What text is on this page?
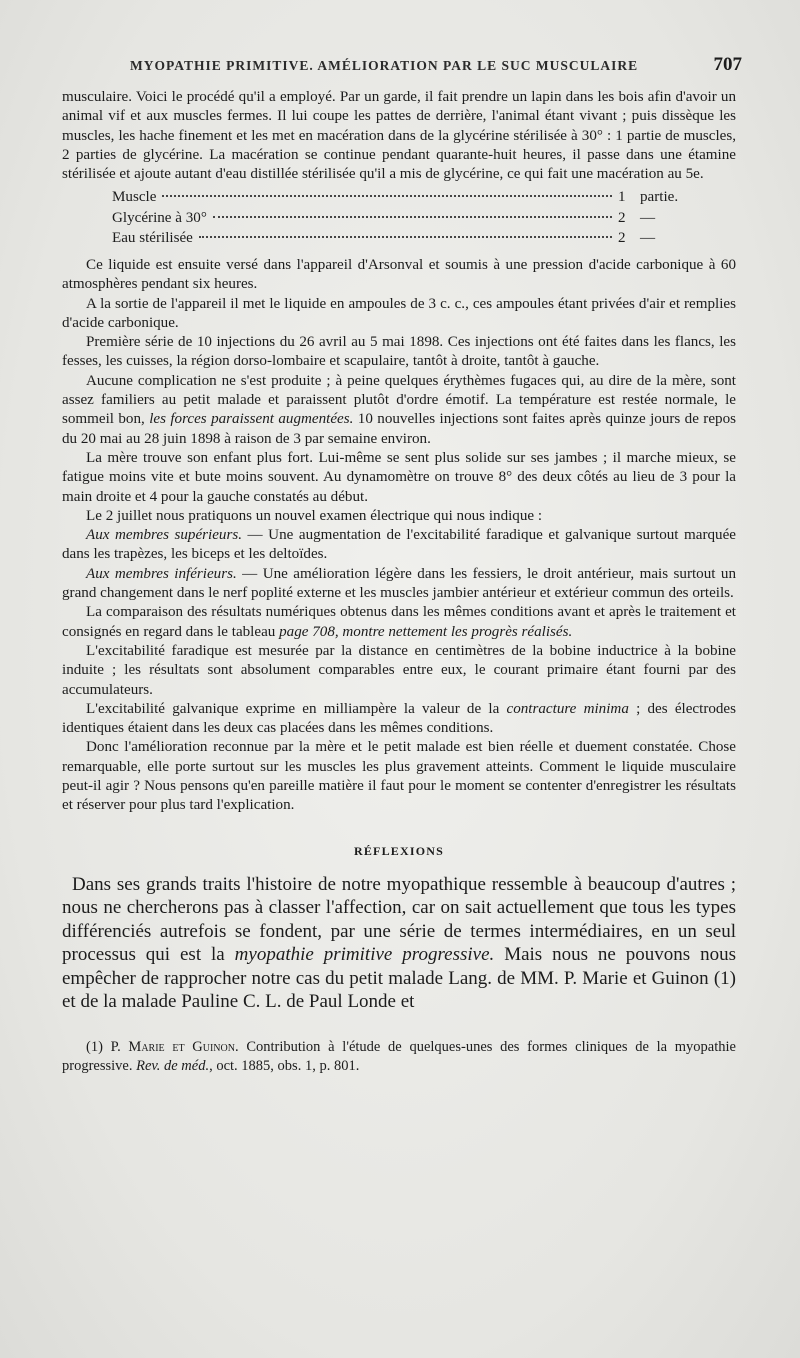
MYOPATHIE PRIMITIVE. AMÉLIORATION PAR LE SUC MUSCULAIRE	707

musculaire. Voici le procédé qu'il a employé. Par un garde, il fait prendre un lapin dans les bois afin d'avoir un animal vif et aux muscles fermes. Il lui coupe les pattes de derrière, l'animal étant vivant ; puis dissèque les muscles, les hache finement et les met en macération dans de la glycérine stérilisée à 30° : 1 partie de muscles, 2 parties de glycérine. La macération se continue pendant quarante-huit heures, il passe dans une étamine stérilisée et ajoute autant d'eau distillée stérilisée qu'il a mis de glycérine, ce qui fait une macération au 5e.

Muscle	1 partie.
Glycérine à 30°	2 —
Eau stérilisée	2 —

Ce liquide est ensuite versé dans l'appareil d'Arsonval et soumis à une pression d'acide carbonique à 60 atmosphères pendant six heures.

A la sortie de l'appareil il met le liquide en ampoules de 3 c. c., ces ampoules étant privées d'air et remplies d'acide carbonique.

Première série de 10 injections du 26 avril au 5 mai 1898. Ces injections ont été faites dans les flancs, les fesses, les cuisses, la région dorso-lombaire et scapulaire, tantôt à droite, tantôt à gauche.

Aucune complication ne s'est produite ; à peine quelques érythèmes fugaces qui, au dire de la mère, sont assez familiers au petit malade et paraissent plutôt d'ordre émotif. La température est restée normale, le sommeil bon, les forces paraissent augmentées. 10 nouvelles injections sont faites après quinze jours de repos du 20 mai au 28 juin 1898 à raison de 3 par semaine environ.

La mère trouve son enfant plus fort. Lui-même se sent plus solide sur ses jambes ; il marche mieux, se fatigue moins vite et bute moins souvent. Au dynamomètre on trouve 8° des deux côtés au lieu de 3 pour la main droite et 4 pour la gauche constatés au début.

Le 2 juillet nous pratiquons un nouvel examen électrique qui nous indique :

Aux membres supérieurs. — Une augmentation de l'excitabilité faradique et galvanique surtout marquée dans les trapèzes, les biceps et les deltoïdes.

Aux membres inférieurs. — Une amélioration légère dans les fessiers, le droit antérieur, mais surtout un grand changement dans le nerf poplité externe et les muscles jambier antérieur et extérieur commun des orteils.

La comparaison des résultats numériques obtenus dans les mêmes conditions avant et après le traitement et consignés en regard dans le tableau page 708, montre nettement les progrès réalisés.

L'excitabilité faradique est mesurée par la distance en centimètres de la bobine inductrice à la bobine induite ; les résultats sont absolument comparables entre eux, le courant primaire étant fourni par des accumulateurs.

L'excitabilité galvanique exprime en milliampère la valeur de la contracture minima ; des électrodes identiques étaient dans les deux cas placées dans les mêmes conditions.

Donc l'amélioration reconnue par la mère et le petit malade est bien réelle et duement constatée. Chose remarquable, elle porte surtout sur les muscles les plus gravement atteints. Comment le liquide musculaire peut-il agir ? Nous pensons qu'en pareille matière il faut pour le moment se contenter d'enregistrer les résultats et réserver pour plus tard l'explication.

RÉFLEXIONS

Dans ses grands traits l'histoire de notre myopathique ressemble à beaucoup d'autres ; nous ne chercherons pas à classer l'affection, car on sait actuellement que tous les types différenciés autrefois se fondent, par une série de termes intermédiaires, en un seul processus qui est la myopathie primitive progressive. Mais nous ne pouvons nous empêcher de rapprocher notre cas du petit malade Lang. de MM. P. Marie et Guinon (1) et de la malade Pauline C. L. de Paul Londe et

(1) P. Marie et Guinon. Contribution à l'étude de quelques-unes des formes cliniques de la myopathie progressive. Rev. de méd., oct. 1885, obs. 1, p. 801.
